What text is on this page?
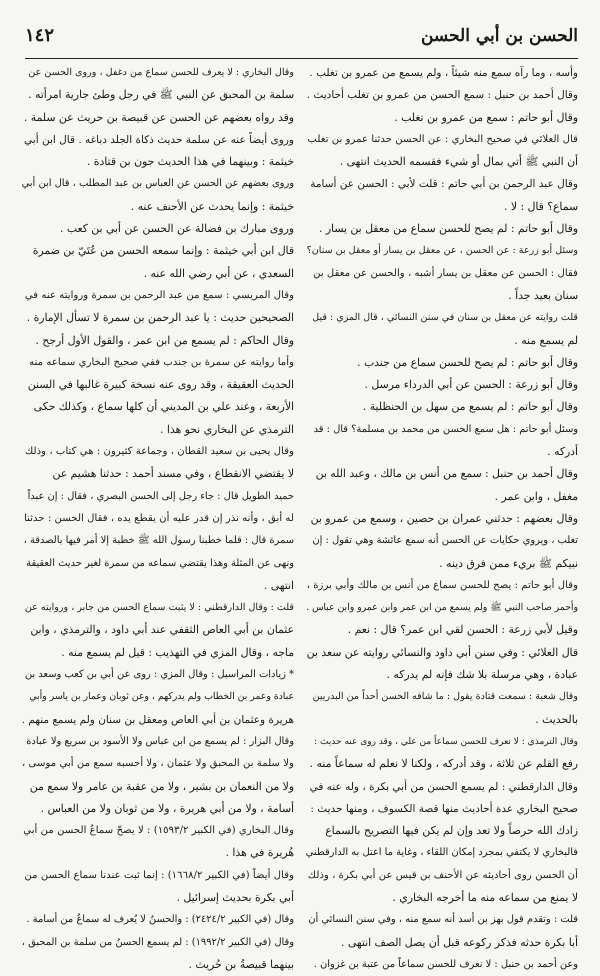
الحسن بن أبي الحسن
١٤٢
وأسه ، وما رآه سمع منه شيئاً ، ولم يسمع من عمرو بن تغلب .
وقال أحمد بن حنبل : سمع الحسن من عمرو بن تغلب أحاديث .
وقال أبو حاتم : سمع من عمرو بن تغلب .
قال العلائي في صحيح البخاري : عن الحسن حدثنا عمرو بن تغلب
أن النبي ﷺ أتي بمال أو شيء فقسمه الحديث انتهى .
وقال عبد الرحمن بن أبي حاتم : قلت لأبي : الحسن عن أسامة
سماع؟ قال : لا .
وقال أبو حاتم : لم يصح للحسن سماع من معقل بن يسار .
وسئل أبو زرعة : عن الحسن ، عن معقل بن يسار أو معقل بن سنان؟
فقال : الحسن عن معقل بن يسار أشبه ، والحسن عن معقل بن
سنان بعيد جداً .
قلت روايته عن معقل بن سنان في سنن النسائي ، قال المزي : قيل
لم يسمع منه .
وقال أبو حاتم : لم يصح للحسن سماع من جندب .
وقال أبو زرعة : الحسن عن أبي الدرداء مرسل .
وقال أبو حاتم : لم يسمع من سهل بن الحنظلية .
وسئل أبو حاتم : هل سمع الحسن من محمد بن مسلمة؟ قال : قد
أدركه .
وقال أحمد بن حنبل : سمع من أنس بن مالك ، وعبد الله بن
مغفل ، وابن عمر .
وقال بعضهم : حدثني عمران بن حصين ، وسمع من عمرو بن
تغلب ، ويروي حكايات عن الحسن أنه سمع عائشة وهي تقول : إن
نبيكم ﷺ بريء ممن فرق دينه .
وقال أبو حاتم : يصح للحسن سماع من أنس بن مالك وأبي برزة ،
وأحمر صاحب النبي ﷺ ولم يسمع من ابن عمر وابن عمرو وابن عباس .
وقيل لأبي زرعة : الحسن لقي ابن عمر؟ قال : نعم .
قال العلائي : وفي سنن أبي داود والنسائي روايته عن سعد بن
عبادة ، وهي مرسلة بلا شك فإنه لم يدركه .
وقال شعبة : سمعت قتادة يقول : ما شافه الحسن أحداً من البدريين
بالحديث .
وقال الترمذي : لا نعرف للحسن سماعاً من علي ، وقد روى عنه حديث :
رفع القلم عن ثلاثة ، وقد أدركه ، ولكنا لا نعلم له سماعاً منه .
وقال الدارقطني : لم يسمع الحسن من أبي بكرة ، وله عنه في
صحيح البخاري عدة أحاديث منها قصة الكسوف ، ومنها حديث :
زادك الله حرصاً ولا تعد وإن لم يكن فيها التصريح بالسماع
فالبخاري لا يكتفي بمجرد إمكان اللقاء ، وغاية ما اعتل به الدارقطني
أن الحسن روى أحاديثه عن الأحنف بن قيس عن أبي بكرة ، وذلك
لا يمنع من سماعه منه ما أخرجه البخاري .
قلت : وتقدم قول بهز بن أسد أنه سمع منه ، وفي سنن النسائي أن
أبا بكرة حدثه فذكر ركوعه قبل أن يصل الصف انتهى .
وعن أحمد بن حنبل : لا نعرف للحسن سماعاً من عتبة بن غزوان .
وقال البخاري : لا يعرف للحسن سماع من دغفل ، وروى الحسن عن
سلمة بن المحبق عن النبي ﷺ في رجل وطئ جارية امرأته .
وقد رواه بعضهم عن الحسن عن قبيصة بن حريث عن سلمة .
وروى أيضاً عنه عن سلمة حديث ذكاة الجلد دباغه . قال ابن أبي
خيثمة : وبينهما في هذا الحديث جون بن قتادة .
وروى بعضهم عن الحسن عن العباس بن عبد المطلب ، قال ابن أبي
خيثمة : وإنما يحدث عن الأحنف عنه .
وروى مبارك بن فضالة عن الحسن عن أبي بن كعب .
قال ابن أبي خيثمة : وإنما سمعه الحسن من عُتَيّ بن ضمرة
السعدي ، عن أبي رضي الله عنه .
وقال المريسي : سمع من عبد الرحمن بن سمرة وروايته عنه في
الصحيحين حديث : يا عبد الرحمن بن سمرة لا تسأل الإمارة .
وقال الحاكم : لم يسمع من ابن عمر ، والقول الأول أرجح .
وأما روايته عن سمرة بن جندب ففي صحيح البخاري سماعه منه
الحديث العقيقة ، وقد روى عنه نسخة كبيرة غالبها في السنن
الأربعة ، وعند علي بن المديني أن كلها سماع ، وكذلك حكى
الترمذي عن البخاري نحو هذا .
وقال يحيى بن سعيد القطان ، وجماعة كثيرون : هي كتاب ، وذلك
لا يقتضي الانقطاع ، وفي مسند أحمد : حدثنا هشيم عن
حميد الطويل قال : جاء رجل إلى الحسن البصري ، فقال : إن عبداً
له أبق ، وأنه نذر إن قدر عليه أن يقطع يده ، فقال الحسن : حدثنا
سمرة قال : قلما خطبنا رسول الله ﷺ خطبة إلا أمر فيها بالصدقة ،
ونهى عن المثلة وهذا يقتضي سماعه من سمرة لغير حديث العقيقة
انتهى .
قلت : وقال الدارقطني : لا يثبت سماع الحسن من جابر ، وروايته عن
عثمان بن أبي العاص الثقفي عند أبي داود ، والترمذي ، وابن
ماجه ، وقال المزي في التهذيب : قيل لم يسمع منه .
* زيادات المراسيل : وقال المزي : روى عن أبي بن كعب وسعد بن
عبادة وعمر بن الخطاب ولم يدركهم ، وعن ثوبان وعمار بن ياسر وأبي
هريرة وعثمان بن أبي العاص ومعقل بن سنان ولم يسمع منهم .
وقال البزار : لم يسمع من ابن عباس ولا الأسود بن سريع ولا عبادة
ولا سلمة بن المحبق ولا عثمان ، ولا أحسبه سمع من أبي موسى ،
ولا من النعمان بن بشير ، ولا من عقبة بن عامر ولا سمع من
أسامة ، ولا من أبي هريرة ، ولا من ثوبان ولا من العباس .
وقال البخاري (في الكبير ١٥٩٣/٢) : لا يصحّ سماعُ الحسن من أبي
هُريرة في هذا .
وقال أيضاً (في الكبير ١٦٦٨/٢) : إنما ثبت عندنا سماع الحسن من
أبي بكرة بحديث إسرائيل .
وقال (في الكبير ٢٤٢٤/٢) : والحسنُ لا يُعرف له سماعٌ من أسامة .
وقال (في الكبير ١٩٩٢/٢) : لم يسمع الحسنُ من سلمة بن المحبق ،
بينهما قبيصةُ بن حُريث .
